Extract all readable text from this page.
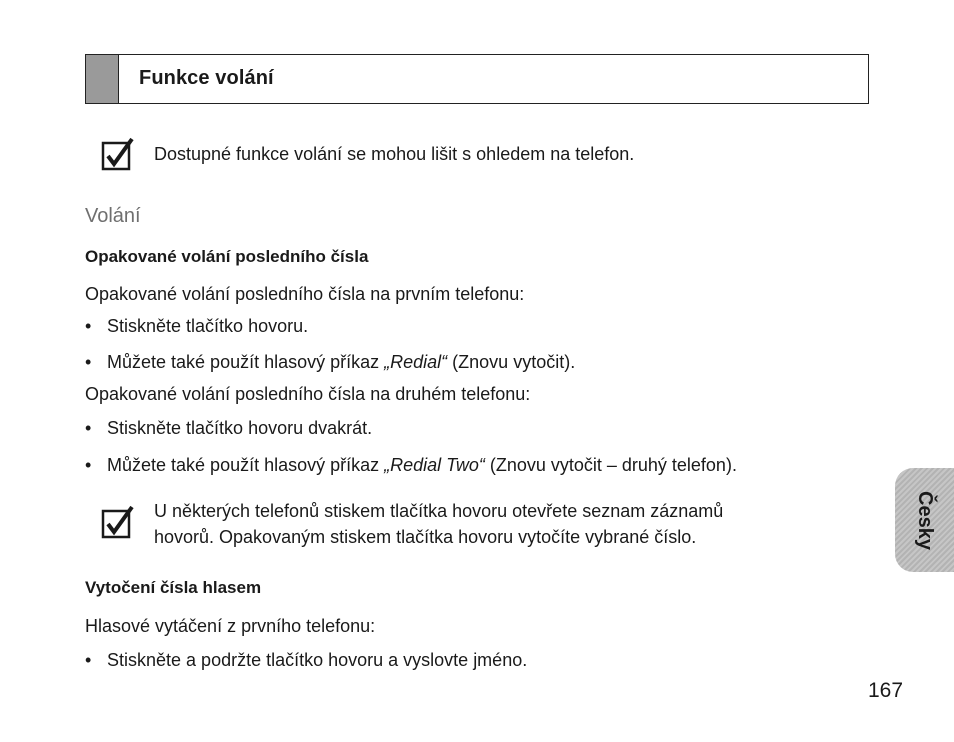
Funkce volání
Dostupné funkce volání se mohou lišit s ohledem na telefon.
Volání
Opakované volání posledního čísla
Opakované volání posledního čísla na prvním telefonu:
• Stiskněte tlačítko hovoru.
• Můžete také použít hlasový příkaz „Redial“ (Znovu vytočit).
Opakované volání posledního čísla na druhém telefonu:
• Stiskněte tlačítko hovoru dvakrát.
• Můžete také použít hlasový příkaz „Redial Two“ (Znovu vytočit – druhý telefon).
U některých telefonů stiskem tlačítka hovoru otevřete seznam záznamů
hovorů. Opakovaným stiskem tlačítka hovoru vytočíte vybrané číslo.
Vytočení čísla hlasem
Hlasové vytáčení z prvního telefonu:
• Stiskněte a podržte tlačítko hovoru a vyslovte jméno.
Česky
167
